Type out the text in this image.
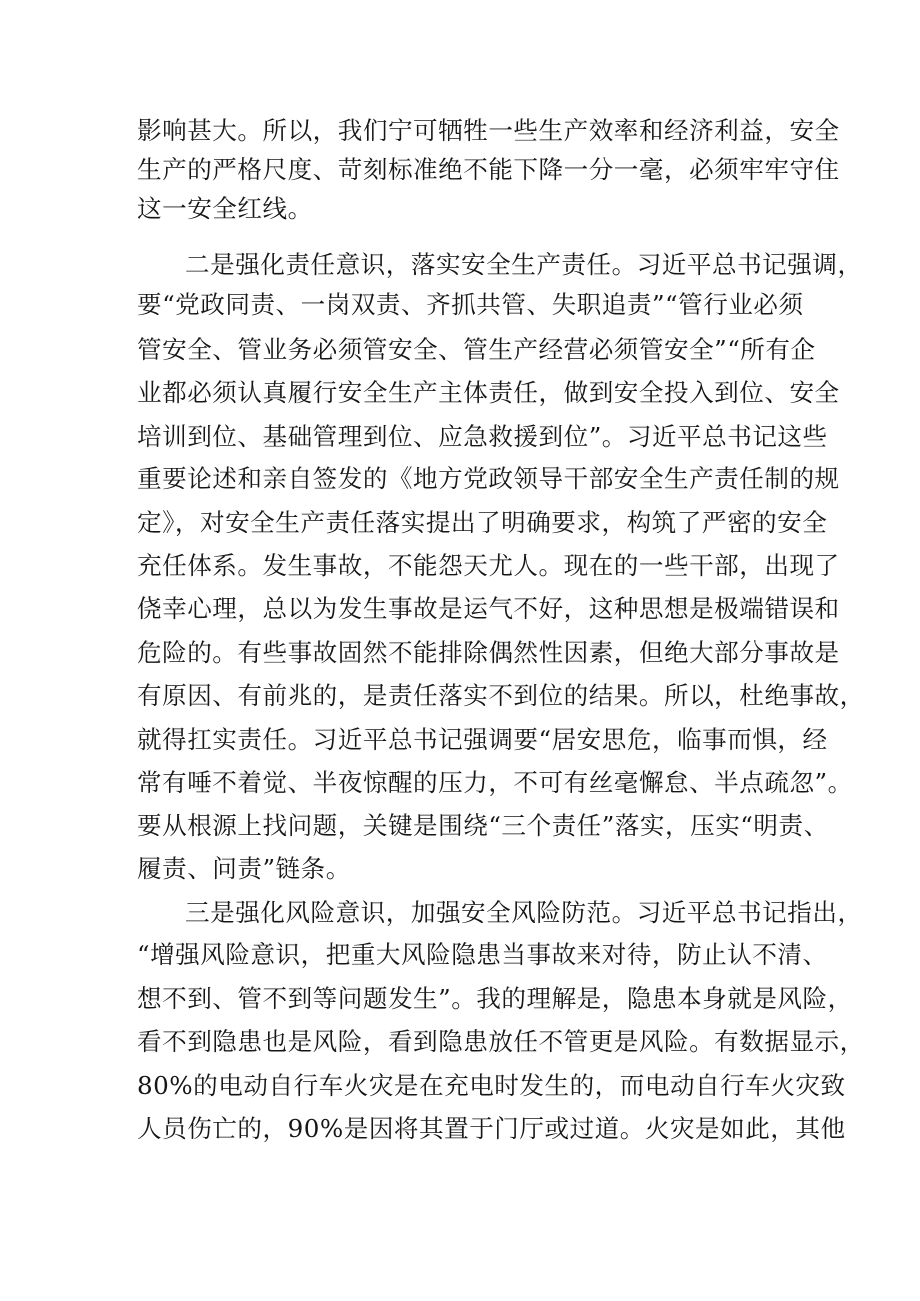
影响甚大。所以，我们宁可牺牲一些生产效率和经济利益，安全
生产的严格尺度、苛刻标准绝不能下降一分一毫，必须牢牢守住
这一安全红线。
二是强化责任意识，落实安全生产责任。习近平总书记强调，
要“党政同责、一岗双责、齐抓共管、失职追责”“管行业必须
管安全、管业务必须管安全、管生产经营必须管安全”“所有企
业都必须认真履行安全生产主体责任，做到安全投入到位、安全
培训到位、基础管理到位、应急救援到位”。习近平总书记这些
重要论述和亲自签发的《地方党政领导干部安全生产责任制的规
定》，对安全生产责任落实提出了明确要求，构筑了严密的安全
充任体系。发生事故，不能怨天尤人。现在的一些干部，出现了
侥幸心理，总以为发生事故是运气不好，这种思想是极端错误和
危险的。有些事故固然不能排除偶然性因素，但绝大部分事故是
有原因、有前兆的，是责任落实不到位的结果。所以，杜绝事故，
就得扛实责任。习近平总书记强调要“居安思危，临事而惧，经
常有唾不着觉、半夜惊醒的压力，不可有丝毫懈怠、半点疏忽”。
要从根源上找问题，关键是围绕“三个责任”落实，压实“明责、
履责、问责”链条。
三是强化风险意识，加强安全风险防范。习近平总书记指出，
“增强风险意识，把重大风险隐患当事故来对待，防止认不清、
想不到、管不到等问题发生”。我的理解是，隐患本身就是风险，
看不到隐患也是风险，看到隐患放任不管更是风险。有数据显示，
80%的电动自行车火灾是在充电时发生的，而电动自行车火灾致
人员伤亡的，90%是因将其置于门厅或过道。火灾是如此，其他
